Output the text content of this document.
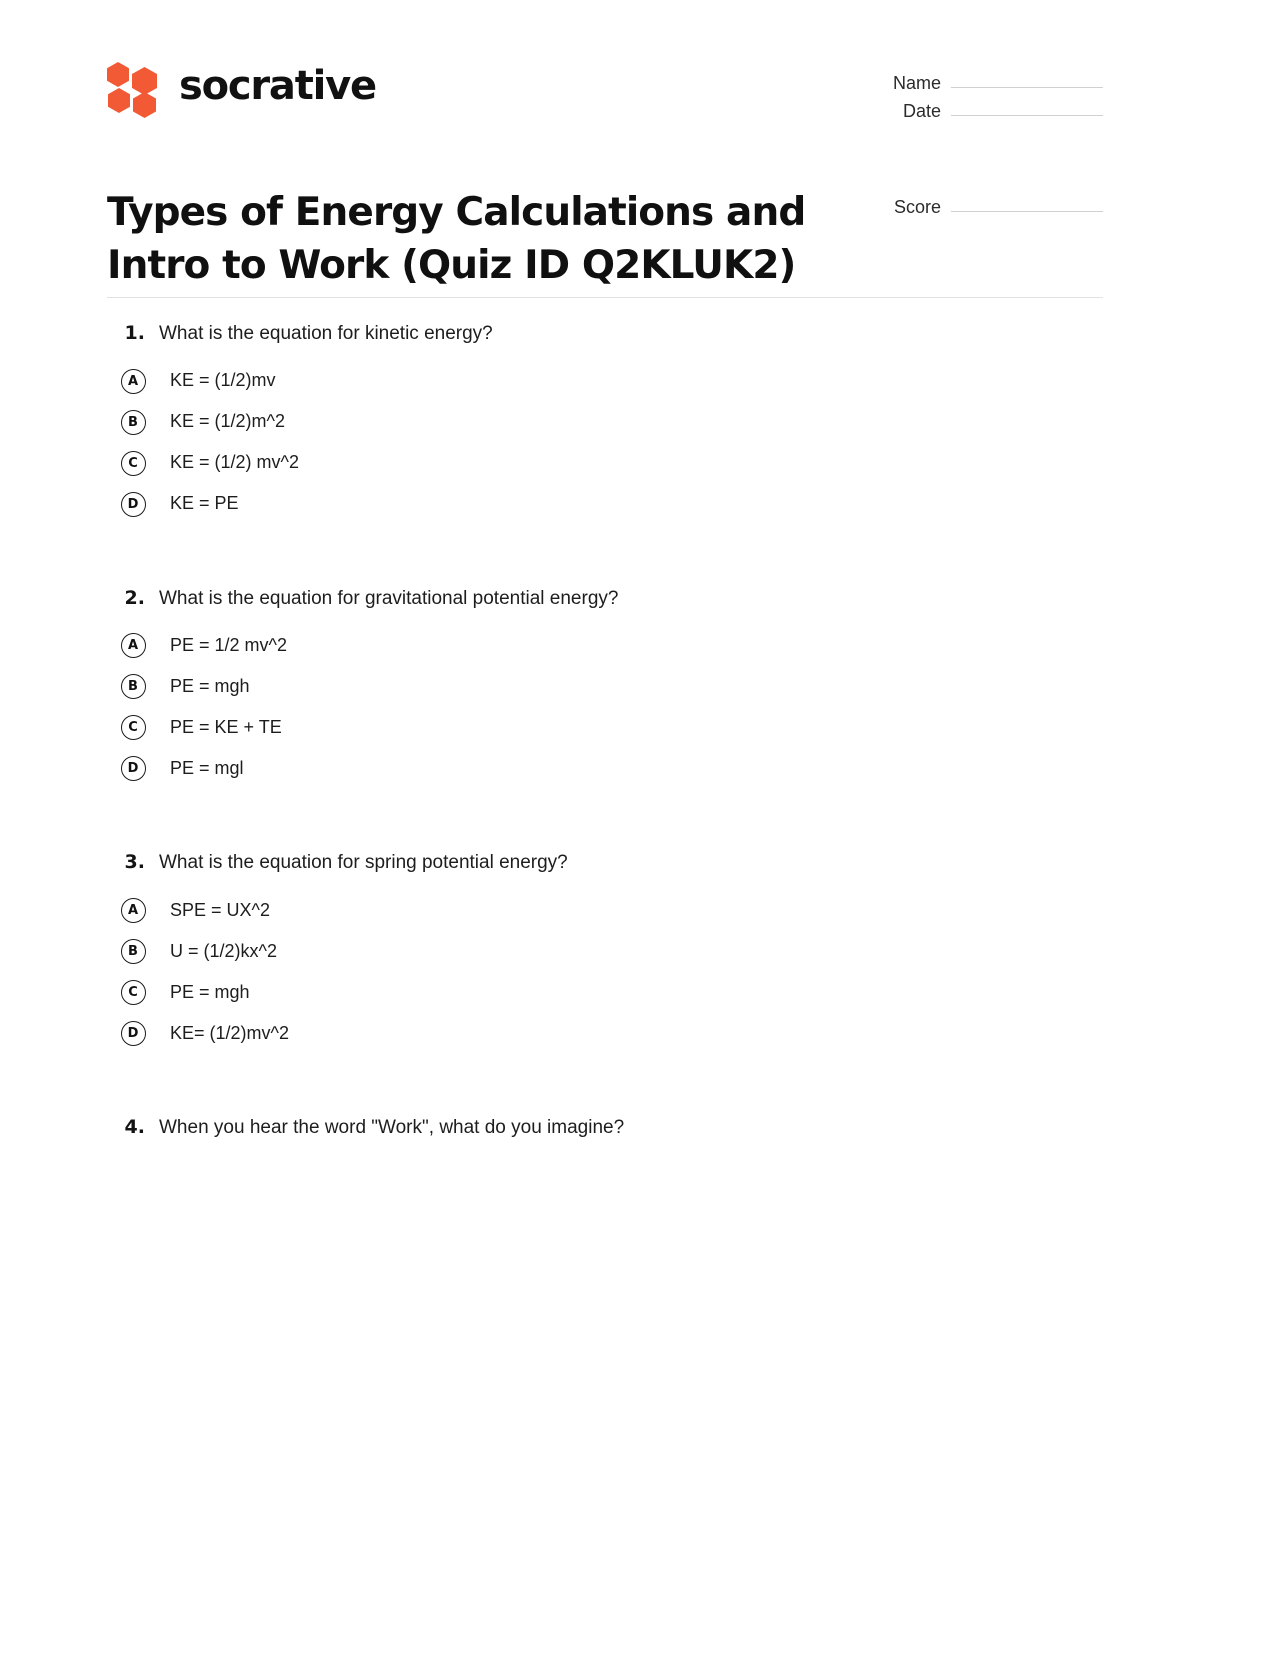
socrative	Name
Date
Score
Types of Energy Calculations and Intro to Work (Quiz ID Q2KLUK2)
1. What is the equation for kinetic energy?
A	KE = (1/2)mv
B	KE = (1/2)m^2
C	KE = (1/2) mv^2
D	KE = PE
2. What is the equation for gravitational potential energy?
A	PE = 1/2 mv^2
B	PE = mgh
C	PE = KE + TE
D	PE = mgl
3. What is the equation for spring potential energy?
A	SPE = UX^2
B	U = (1/2)kx^2
C	PE = mgh
D	KE= (1/2)mv^2
4. When you hear the word "Work", what do you imagine?
